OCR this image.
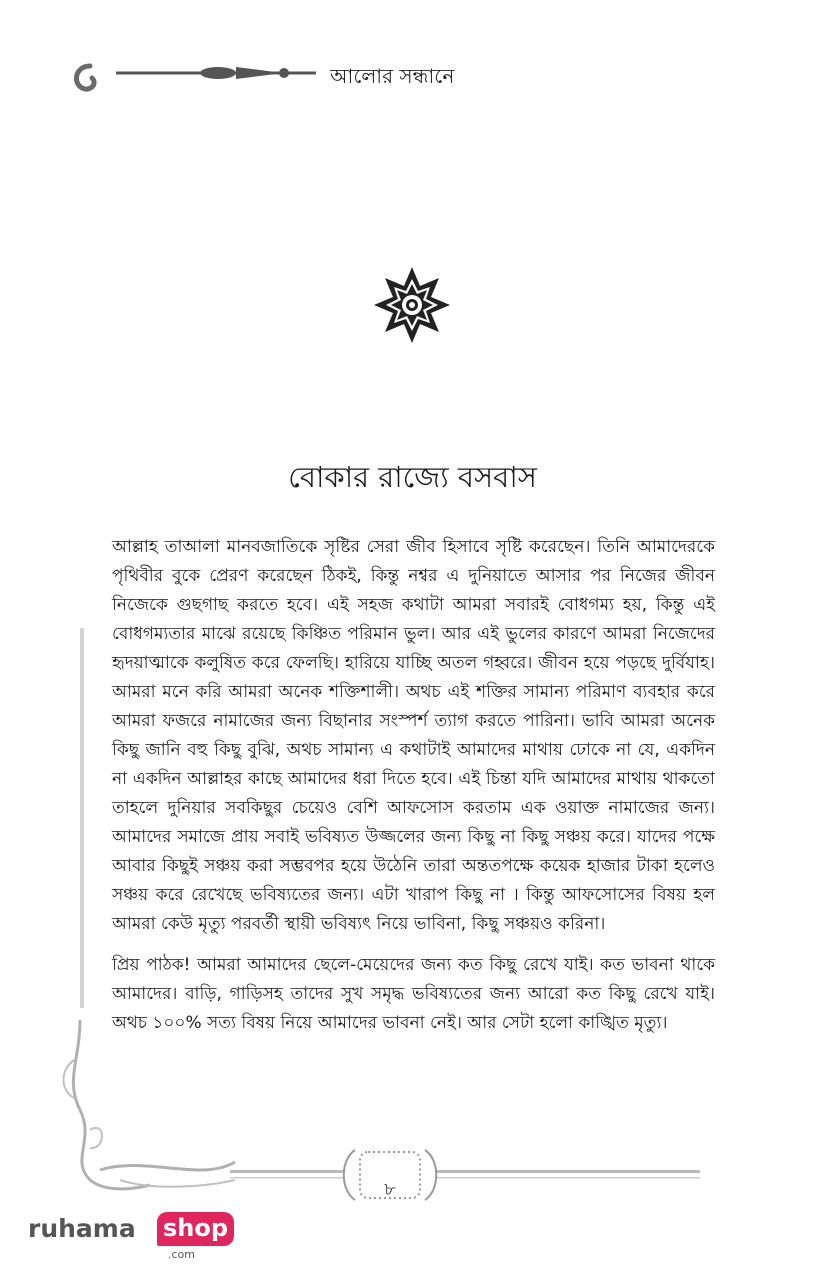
আলোর সন্ধানে
বোকার রাজ্যে বসবাস

আল্লাহ তাআলা মানবজাতিকে সৃষ্টির সেরা জীব হিসাবে সৃষ্টি করেছেন। তিনি আমাদেরকে পৃথিবীর বুকে প্রেরণ করেছেন ঠিকই, কিন্তু নশ্বর এ দুনিয়াতে আসার পর নিজের জীবন নিজেকে গুছগাছ করতে হবে। এই সহজ কথাটা আমরা সবারই বোধগম্য হয়, কিন্তু এই বোধগম্যতার মাঝে রয়েছে কিঞ্চিত পরিমান ভুল। আর এই ভুলের কারণে আমরা নিজেদের হৃদয়াত্মাকে কলুষিত করে ফেলছি। হারিয়ে যাচ্ছি অতল গহ্বরে। জীবন হয়ে পড়ছে দুর্বিযাহ। আমরা মনে করি আমরা অনেক শক্তিশালী। অথচ এই শক্তির সামান্য পরিমাণ ব্যবহার করে আমরা ফজরে নামাজের জন্য বিছানার সংস্পর্শ ত্যাগ করতে পারিনা। ভাবি আমরা অনেক কিছু জানি বহু কিছু বুঝি, অথচ সামান্য এ কথাটাই আমাদের মাথায় ঢোকে না যে, একদিন না একদিন আল্লাহর কাছে আমাদের ধরা দিতে হবে। এই চিন্তা যদি আমাদের মাথায় থাকতো তাহলে দুনিয়ার সবকিছুর চেয়েও বেশি আফসোস করতাম এক ওয়াক্ত নামাজের জন্য। আমাদের সমাজে প্রায় সবাই ভবিষ্যত উজ্জলের জন্য কিছু না কিছু সঞ্চয় করে। যাদের পক্ষে আবার কিছুই সঞ্চয় করা সম্ভবপর হয়ে উঠেনি তারা অন্ততপক্ষে কয়েক হাজার টাকা হলেও সঞ্চয় করে রেখেছে ভবিষ্যতের জন্য। এটা খারাপ কিছু না । কিন্তু আফসোসের বিষয় হল আমরা কেউ মৃত্যু পরবর্তী স্থায়ী ভবিষ্যৎ নিয়ে ভাবিনা, কিছু সঞ্চয়ও করিনা।

প্রিয় পাঠক! আমরা আমাদের ছেলে-মেয়েদের জন্য কত কিছু রেখে যাই। কত ভাবনা থাকে আমাদের। বাড়ি, গাড়িসহ তাদের সুখ সমৃদ্ধ ভবিষ্যতের জন্য আরো কত কিছু রেখে যাই। অথচ ১০০% সত্য বিষয় নিয়ে আমাদের ভাবনা নেই। আর সেটা হলো কাঙ্খিত মৃত্যু।

৮
ruhama shop
.com
